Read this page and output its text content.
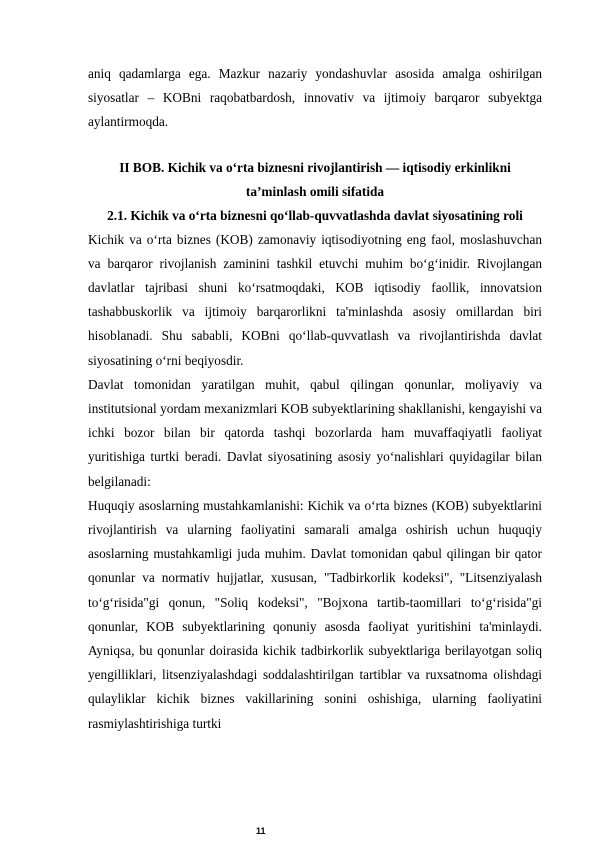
aniq qadamlarga ega. Mazkur nazariy yondashuvlar asosida amalga oshirilgan siyosatlar – KOBni raqobatbardosh, innovativ va ijtimoiy barqaror subyektga aylantirmoqda.

II BOB. Kichik va o‘rta biznesni rivojlantirish — iqtisodiy erkinlikni ta’minlash omili sifatida

2.1. Kichik va o‘rta biznesni qo‘llab-quvvatlashda davlat siyosatining roli

Kichik va o‘rta biznes (KOB) zamonaviy iqtisodiyotning eng faol, moslashuvchan va barqaror rivojlanish zaminini tashkil etuvchi muhim bo‘g‘inidir. Rivojlangan davlatlar tajribasi shuni ko‘rsatmoqdaki, KOB iqtisodiy faollik, innovatsion tashabbuskorlik va ijtimoiy barqarorlikni ta'minlashda asosiy omillardan biri hisoblanadi. Shu sababli, KOBni qo‘llab-quvvatlash va rivojlantirishda davlat siyosatining o‘rni beqiyosdir.

Davlat tomonidan yaratilgan muhit, qabul qilingan qonunlar, moliyaviy va institutsional yordam mexanizmlari KOB subyektlarining shakllanishi, kengayishi va ichki bozor bilan bir qatorda tashqi bozorlarda ham muvaffaqiyatli faoliyat yuritishiga turtki beradi. Davlat siyosatining asosiy yo‘nalishlari quyidagilar bilan belgilanadi:

Huquqiy asoslarning mustahkamlanishi: Kichik va o‘rta biznes (KOB) subyektlarini rivojlantirish va ularning faoliyatini samarali amalga oshirish uchun huquqiy asoslarning mustahkamligi juda muhim. Davlat tomonidan qabul qilingan bir qator qonunlar va normativ hujjatlar, xususan, "Tadbirkorlik kodeksi", "Litsenziyalash to‘g‘risida"gi qonun, "Soliq kodeksi", "Bojxona tartib-taomillari to‘g‘risida"gi qonunlar, KOB subyektlarining qonuniy asosda faoliyat yuritishini ta'minlaydi. Ayniqsa, bu qonunlar doirasida kichik tadbirkorlik subyektlariga berilayotgan soliq yengilliklari, litsenziyalashdagi soddalashtirilgan tartiblar va ruxsatnoma olishdagi qulayliklar kichik biznes vakillarining sonini oshishiga, ularning faoliyatini rasmiylashtirishiga turtki

11
